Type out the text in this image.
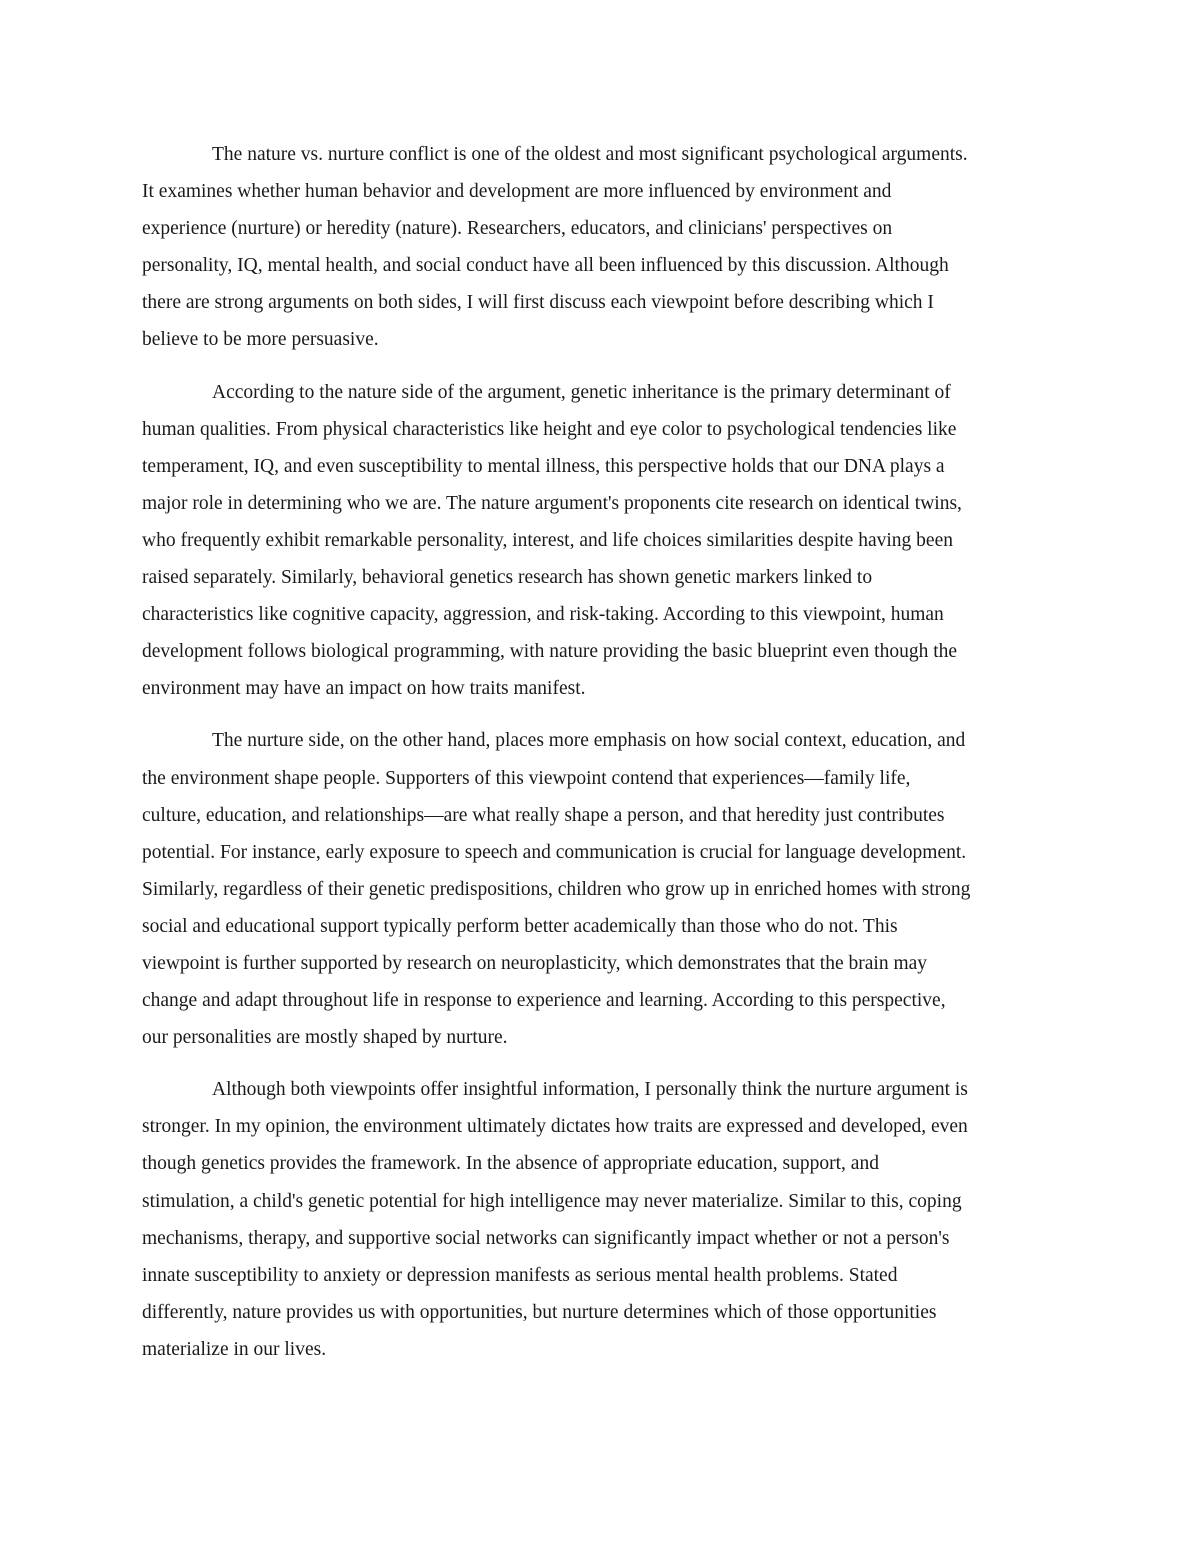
The nature vs. nurture conflict is one of the oldest and most significant psychological arguments.
It examines whether human behavior and development are more influenced by environment and
experience (nurture) or heredity (nature). Researchers, educators, and clinicians' perspectives on
personality, IQ, mental health, and social conduct have all been influenced by this discussion. Although
there are strong arguments on both sides, I will first discuss each viewpoint before describing which I
believe to be more persuasive.

According to the nature side of the argument, genetic inheritance is the primary determinant of
human qualities. From physical characteristics like height and eye color to psychological tendencies like
temperament, IQ, and even susceptibility to mental illness, this perspective holds that our DNA plays a
major role in determining who we are. The nature argument's proponents cite research on identical twins,
who frequently exhibit remarkable personality, interest, and life choices similarities despite having been
raised separately. Similarly, behavioral genetics research has shown genetic markers linked to
characteristics like cognitive capacity, aggression, and risk-taking. According to this viewpoint, human
development follows biological programming, with nature providing the basic blueprint even though the
environment may have an impact on how traits manifest.

The nurture side, on the other hand, places more emphasis on how social context, education, and
the environment shape people. Supporters of this viewpoint contend that experiences—family life,
culture, education, and relationships—are what really shape a person, and that heredity just contributes
potential. For instance, early exposure to speech and communication is crucial for language development.
Similarly, regardless of their genetic predispositions, children who grow up in enriched homes with strong
social and educational support typically perform better academically than those who do not. This
viewpoint is further supported by research on neuroplasticity, which demonstrates that the brain may
change and adapt throughout life in response to experience and learning. According to this perspective,
our personalities are mostly shaped by nurture.

Although both viewpoints offer insightful information, I personally think the nurture argument is
stronger. In my opinion, the environment ultimately dictates how traits are expressed and developed, even
though genetics provides the framework. In the absence of appropriate education, support, and
stimulation, a child's genetic potential for high intelligence may never materialize. Similar to this, coping
mechanisms, therapy, and supportive social networks can significantly impact whether or not a person's
innate susceptibility to anxiety or depression manifests as serious mental health problems. Stated
differently, nature provides us with opportunities, but nurture determines which of those opportunities
materialize in our lives.
